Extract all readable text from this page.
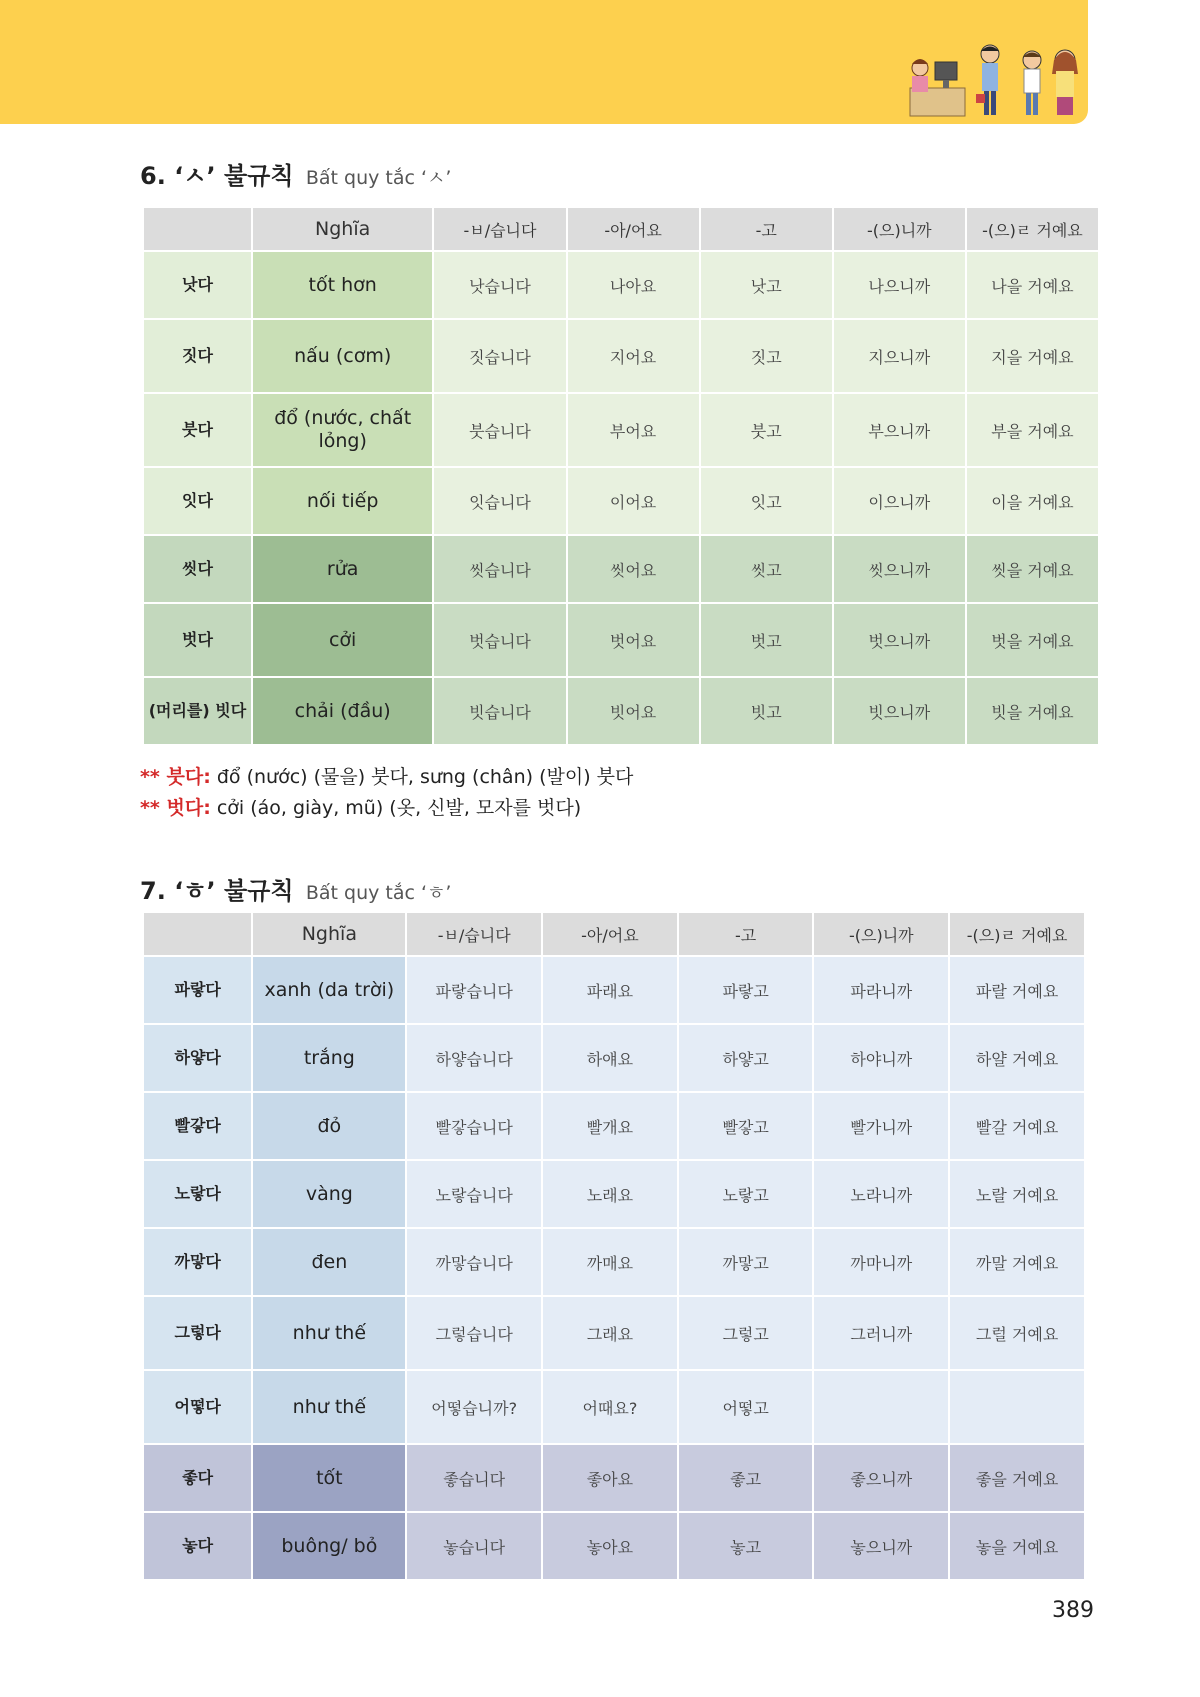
6. ‘ㅅ’ 불규칙 Bất quy tắc ‘ㅅ’
	Nghĩa	-ㅂ/습니다	-아/어요	-고	-(으)니까	-(으)ㄹ 거예요
낫다	tốt hơn	낫습니다	나아요	낫고	나으니까	나을 거예요
짓다	nấu (cơm)	짓습니다	지어요	짓고	지으니까	지을 거예요
붓다	đổ (nước, chất lỏng)	붓습니다	부어요	붓고	부으니까	부을 거예요
잇다	nối tiếp	잇습니다	이어요	잇고	이으니까	이을 거예요
씻다	rửa	씻습니다	씻어요	씻고	씻으니까	씻을 거예요
벗다	cởi	벗습니다	벗어요	벗고	벗으니까	벗을 거예요
(머리를) 빗다	chải (đầu)	빗습니다	빗어요	빗고	빗으니까	빗을 거예요
** 붓다: đổ (nước) (물을) 붓다, sưng (chân) (발이) 붓다
** 벗다: cởi (áo, giày, mũ) (옷, 신발, 모자를 벗다)
7. ‘ㅎ’ 불규칙 Bất quy tắc ‘ㅎ’
	Nghĩa	-ㅂ/습니다	-아/어요	-고	-(으)니까	-(으)ㄹ 거예요
파랗다	xanh (da trời)	파랗습니다	파래요	파랗고	파라니까	파랄 거예요
하얗다	trắng	하얗습니다	하얘요	하얗고	하야니까	하얄 거예요
빨갛다	đỏ	빨갛습니다	빨개요	빨갛고	빨가니까	빨갈 거예요
노랗다	vàng	노랗습니다	노래요	노랗고	노라니까	노랄 거예요
까맣다	đen	까맣습니다	까매요	까맣고	까마니까	까말 거예요
그렇다	như thế	그렇습니다	그래요	그렇고	그러니까	그럴 거예요
어떻다	như thế	어떻습니까?	어때요?	어떻고		
좋다	tốt	좋습니다	좋아요	좋고	좋으니까	좋을 거예요
놓다	buông/ bỏ	놓습니다	놓아요	놓고	놓으니까	놓을 거예요
389
